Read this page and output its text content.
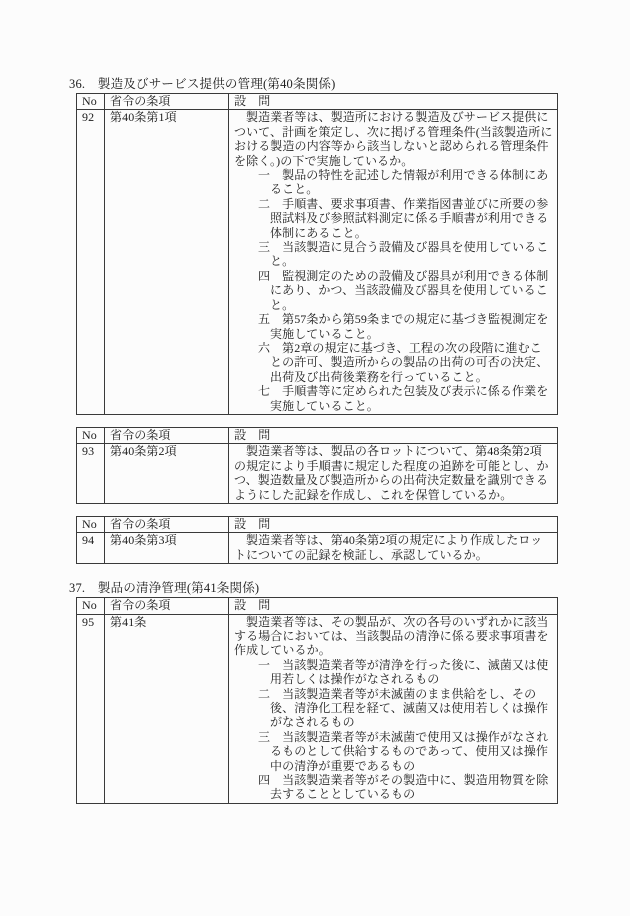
36.　製造及びサービス提供の管理(第40条関係)

No	省令の条項	設　問
92	第40条第1項	製造業者等は、製造所における製造及びサービス提供について、計画を策定し、次に掲げる管理条件(当該製造所における製造の内容等から該当しないと認められる管理条件を除く。)の下で実施しているか。
一 製品の特性を記述した情報が利用できる体制にあること。
二 手順書、要求事項書、作業指図書並びに所要の参照試料及び参照試料測定に係る手順書が利用できる体制にあること。
三 当該製造に見合う設備及び器具を使用していること。
四 監視測定のための設備及び器具が利用できる体制にあり、かつ、当該設備及び器具を使用していること。
五 第57条から第59条までの規定に基づき監視測定を実施していること。
六 第2章の規定に基づき、工程の次の段階に進むことの許可、製造所からの製品の出荷の可否の決定、出荷及び出荷後業務を行っていること。
七 手順書等に定められた包装及び表示に係る作業を実施していること。
No	省令の条項	設　問
93	第40条第2項	製造業者等は、製品の各ロットについて、第48条第2項の規定により手順書に規定した程度の追跡を可能とし、かつ、製造数量及び製造所からの出荷決定数量を識別できるようにした記録を作成し、これを保管しているか。
No	省令の条項	設　問
94	第40条第3項	製造業者等は、第40条第2項の規定により作成したロットについての記録を検証し、承認しているか。

37.　製品の清浄管理(第41条関係)

No	省令の条項	設　問
95	第41条	製造業者等は、その製品が、次の各号のいずれかに該当する場合においては、当該製品の清浄に係る要求事項書を作成しているか。
一 当該製造業者等が清浄を行った後に、滅菌又は使用若しくは操作がなされるもの
二 当該製造業者等が未滅菌のまま供給をし、その後、清浄化工程を経て、滅菌又は使用若しくは操作がなされるもの
三 当該製造業者等が未滅菌で使用又は操作がなされるものとして供給するものであって、使用又は操作中の清浄が重要であるもの
四 当該製造業者等がその製造中に、製造用物質を除去することとしているもの
